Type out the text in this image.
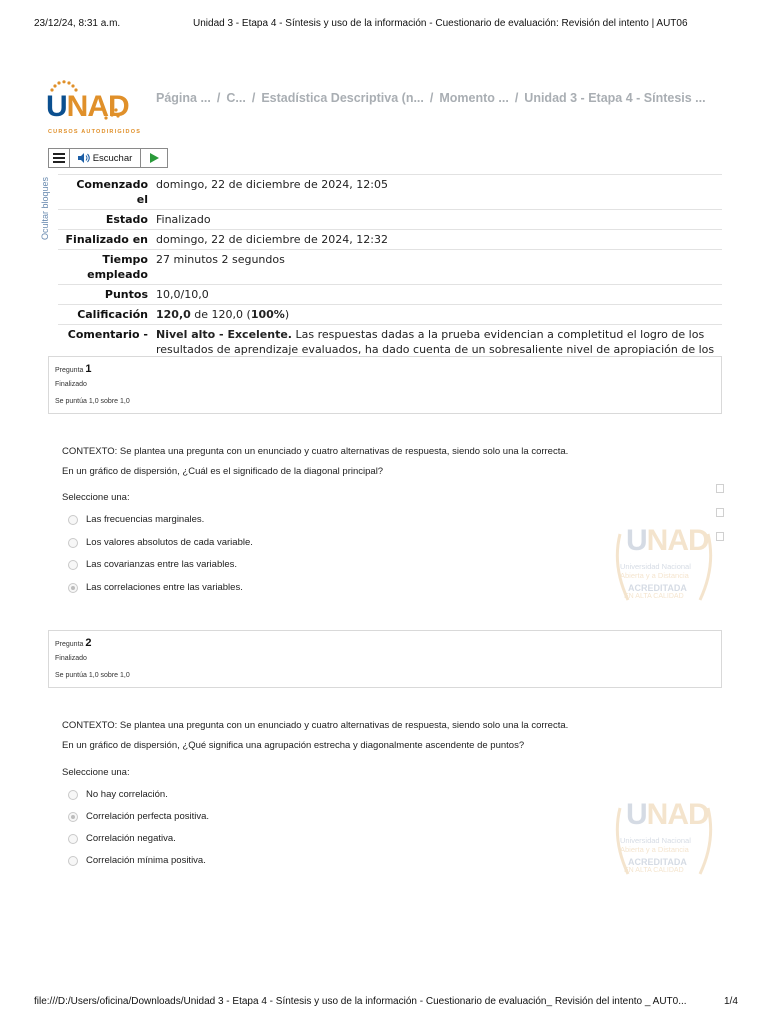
23/12/24, 8:31 a.m.	Unidad 3 - Etapa 4 - Síntesis y uso de la información - Cuestionario de evaluación: Revisión del intento | AUT06
UNAD
CURSOS AUTODIRIGIDOS
Página ... / C... / Estadística Descriptiva (n... / Momento ... / Unidad 3 - Etapa 4 - Síntesis ...
Escuchar
Ocultar bloques Comenzado el	domingo, 22 de diciembre de 2024, 12:05
Estado	Finalizado
Finalizado en	domingo, 22 de diciembre de 2024, 12:32
Tiempo
empleado	27 minutos 2 segundos
Puntos	10,0/10,0
Calificación	120,0 de 120,0 (100%)
Comentario -	Nivel alto - Excelente. Las respuestas dadas a la prueba evidencian a completitud el logro de los resultados de aprendizaje evaluados, ha dado cuenta de un sobresaliente nivel de apropiación de los
Pregunta 1
Finalizado
Se puntúa 1,0 sobre 1,0
CONTEXTO: Se plantea una pregunta con un enunciado y cuatro alternativas de respuesta, siendo solo una la correcta.
En un gráfico de dispersión, ¿Cuál es el significado de la diagonal principal?
Seleccione una:
Las frecuencias marginales.
Los valores absolutos de cada variable.
Las covarianzas entre las variables.
Las correlaciones entre las variables.
UNAD
Universidad Nacional
Abierta y a Distancia
ACREDITADA
EN ALTA CALIDAD
Pregunta 2
Finalizado
Se puntúa 1,0 sobre 1,0
CONTEXTO: Se plantea una pregunta con un enunciado y cuatro alternativas de respuesta, siendo solo una la correcta.
En un gráfico de dispersión, ¿Qué significa una agrupación estrecha y diagonalmente ascendente de puntos?
Seleccione una:
No hay correlación.
Correlación perfecta positiva.
Correlación negativa.
Correlación mínima positiva.
UNAD
Universidad Nacional
Abierta y a Distancia
ACREDITADA
EN ALTA CALIDAD
file:///D:/Users/oficina/Downloads/Unidad 3 - Etapa 4 - Síntesis y uso de la información - Cuestionario de evaluación_ Revisión del intento _ AUT0...	1/4
